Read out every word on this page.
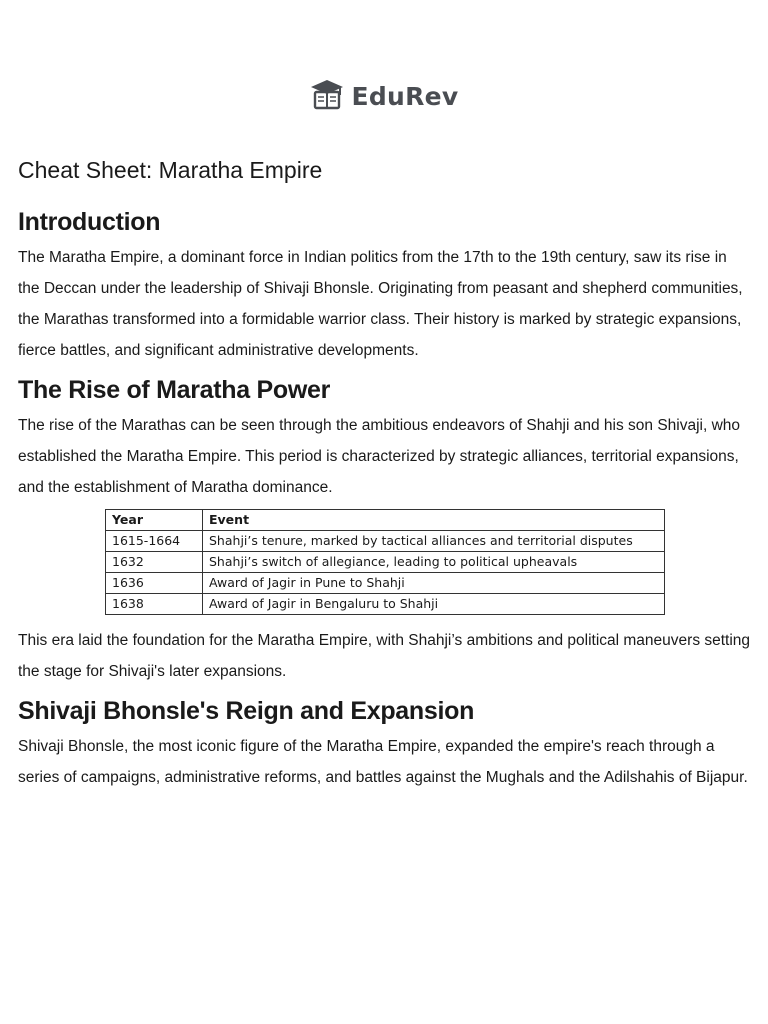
EduRev
Cheat Sheet: Maratha Empire
Introduction

The Maratha Empire, a dominant force in Indian politics from the 17th to the 19th century, saw its rise in the Deccan under the leadership of Shivaji Bhonsle. Originating from peasant and shepherd communities, the Marathas transformed into a formidable warrior class. Their history is marked by strategic expansions, fierce battles, and significant administrative developments.

The Rise of Maratha Power

The rise of the Marathas can be seen through the ambitious endeavors of Shahji and his son Shivaji, who established the Maratha Empire. This period is characterized by strategic alliances, territorial expansions, and the establishment of Maratha dominance.

Year	Event
1615-1664	Shahji’s tenure, marked by tactical alliances and territorial disputes
1632	Shahji’s switch of allegiance, leading to political upheavals
1636	Award of Jagir in Pune to Shahji
1638	Award of Jagir in Bengaluru to Shahji

This era laid the foundation for the Maratha Empire, with Shahji’s ambitions and political maneuvers setting the stage for Shivaji's later expansions.

Shivaji Bhonsle's Reign and Expansion

Shivaji Bhonsle, the most iconic figure of the Maratha Empire, expanded the empire's reach through a series of campaigns, administrative reforms, and battles against the Mughals and the Adilshahis of Bijapur.
